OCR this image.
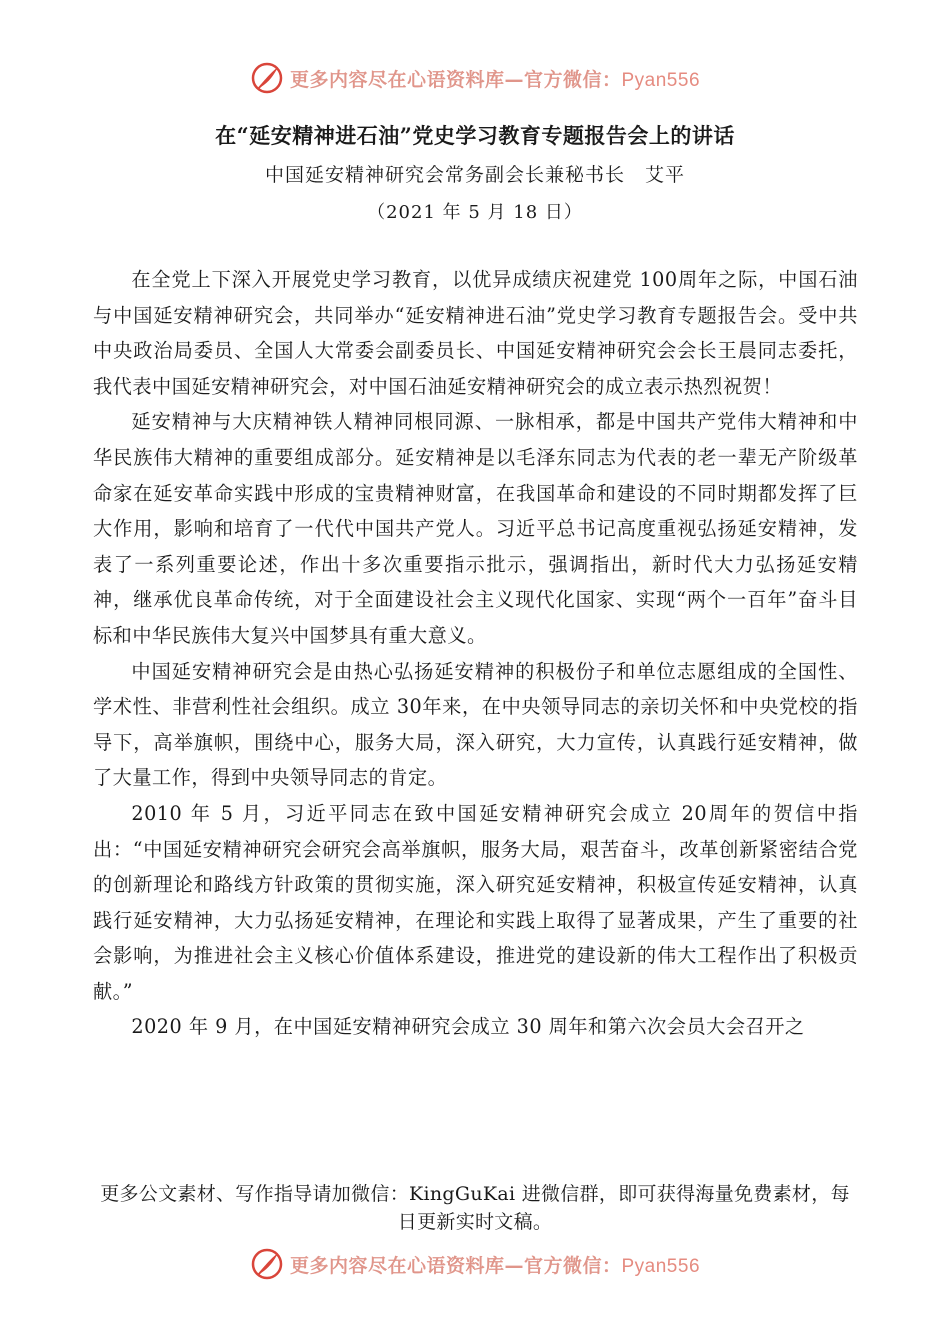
更多内容尽在心语资料库—官方微信：Pyan556
在“延安精神进石油”党史学习教育专题报告会上的讲话
中国延安精神研究会常务副会长兼秘书长　艾平
（2021 年 5 月 18 日）

在全党上下深入开展党史学习教育，以优异成绩庆祝建党 100周年之际，中国石油与中国延安精神研究会，共同举办“延安精神进石油”党史学习教育专题报告会。受中共中央政治局委员、全国人大常委会副委员长、中国延安精神研究会会长王晨同志委托，我代表中国延安精神研究会，对中国石油延安精神研究会的成立表示热烈祝贺！

延安精神与大庆精神铁人精神同根同源、一脉相承，都是中国共产党伟大精神和中华民族伟大精神的重要组成部分。延安精神是以毛泽东同志为代表的老一辈无产阶级革命家在延安革命实践中形成的宝贵精神财富，在我国革命和建设的不同时期都发挥了巨大作用，影响和培育了一代代中国共产党人。习近平总书记高度重视弘扬延安精神，发表了一系列重要论述，作出十多次重要指示批示，强调指出，新时代大力弘扬延安精神，继承优良革命传统，对于全面建设社会主义现代化国家、实现“两个一百年”奋斗目标和中华民族伟大复兴中国梦具有重大意义。

中国延安精神研究会是由热心弘扬延安精神的积极份子和单位志愿组成的全国性、学术性、非营利性社会组织。成立 30年来，在中央领导同志的亲切关怀和中央党校的指导下，高举旗帜，围绕中心，服务大局，深入研究，大力宣传，认真践行延安精神，做了大量工作，得到中央领导同志的肯定。

2010 年 5 月，习近平同志在致中国延安精神研究会成立 20周年的贺信中指出：“中国延安精神研究会研究会高举旗帜，服务大局，艰苦奋斗，改革创新紧密结合党的创新理论和路线方针政策的贯彻实施，深入研究延安精神，积极宣传延安精神，认真践行延安精神，大力弘扬延安精神，在理论和实践上取得了显著成果，产生了重要的社会影响，为推进社会主义核心价值体系建设，推进党的建设新的伟大工程作出了积极贡献。”

2020 年 9 月，在中国延安精神研究会成立 30 周年和第六次会员大会召开之

更多公文素材、写作指导请加微信：KingGuKai 进微信群，即可获得海量免费素材，每日更新实时文稿。
更多内容尽在心语资料库—官方微信：Pyan556
